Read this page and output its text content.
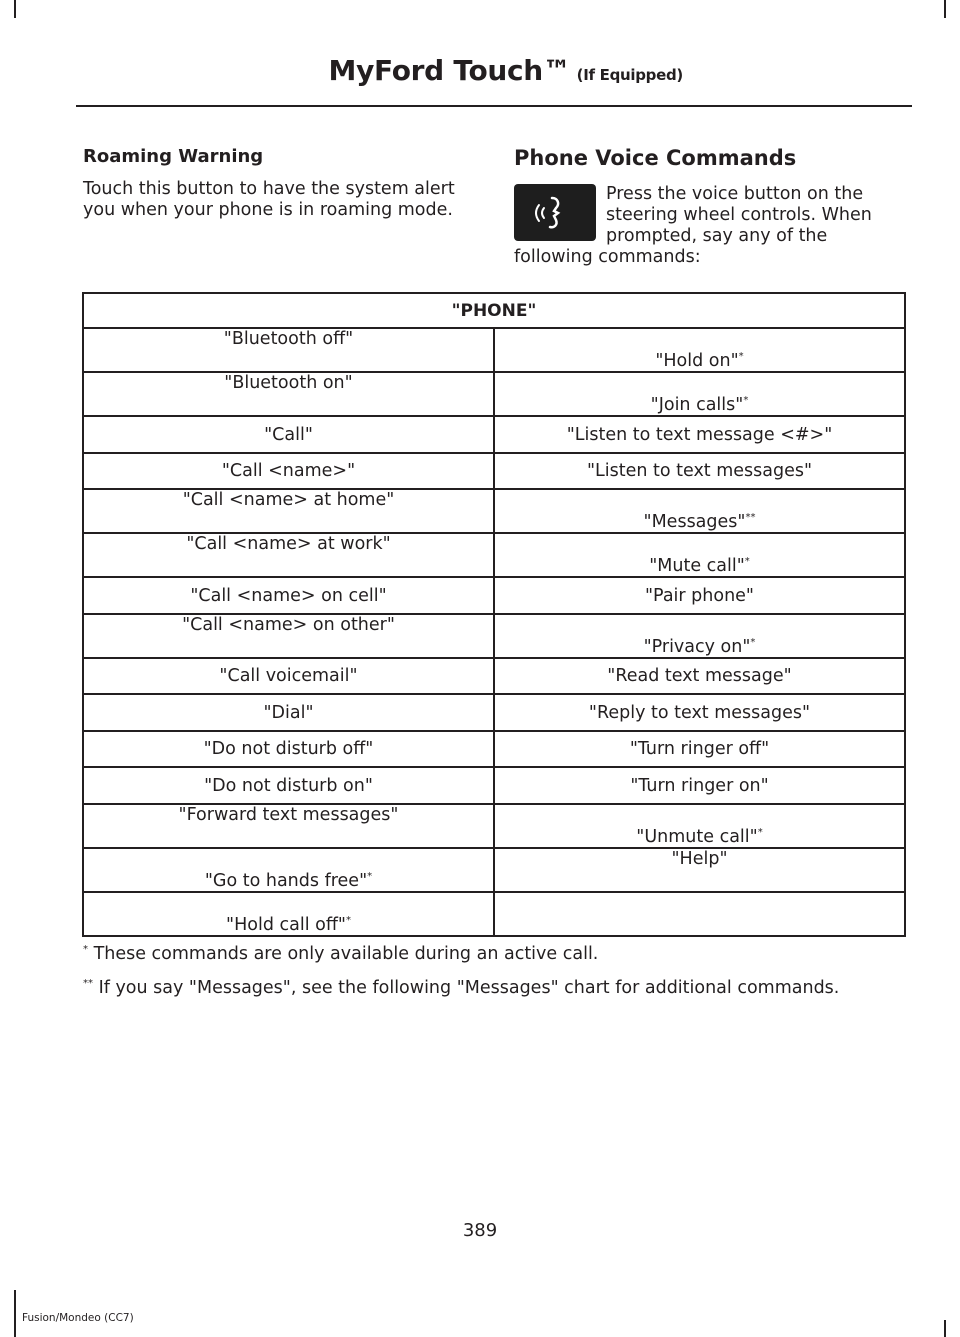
MyFord Touch™ (If Equipped)

Roaming Warning

Touch this button to have the system alert you when your phone is in roaming mode.

Phone Voice Commands

Press the voice button on the steering wheel controls. When prompted, say any of the following commands:

"PHONE"	
"Bluetooth off"	"Hold on"*
"Bluetooth on"	"Join calls"*
"Call"	"Listen to text message <#>"
"Call <name>"	"Listen to text messages"
"Call <name> at home"	"Messages"**
"Call <name> at work"	"Mute call"*
"Call <name> on cell"	"Pair phone"
"Call <name> on other"	"Privacy on"*
"Call voicemail"	"Read text message"
"Dial"	"Reply to text messages"
"Do not disturb off"	"Turn ringer off"
"Do not disturb on"	"Turn ringer on"
"Forward text messages"	"Unmute call"*
"Go to hands free"*	"Help"
"Hold call off"*	
* These commands are only available during an active call.
** If you say "Messages", see the following "Messages" chart for additional commands.
389
Fusion/Mondeo (CC7)
